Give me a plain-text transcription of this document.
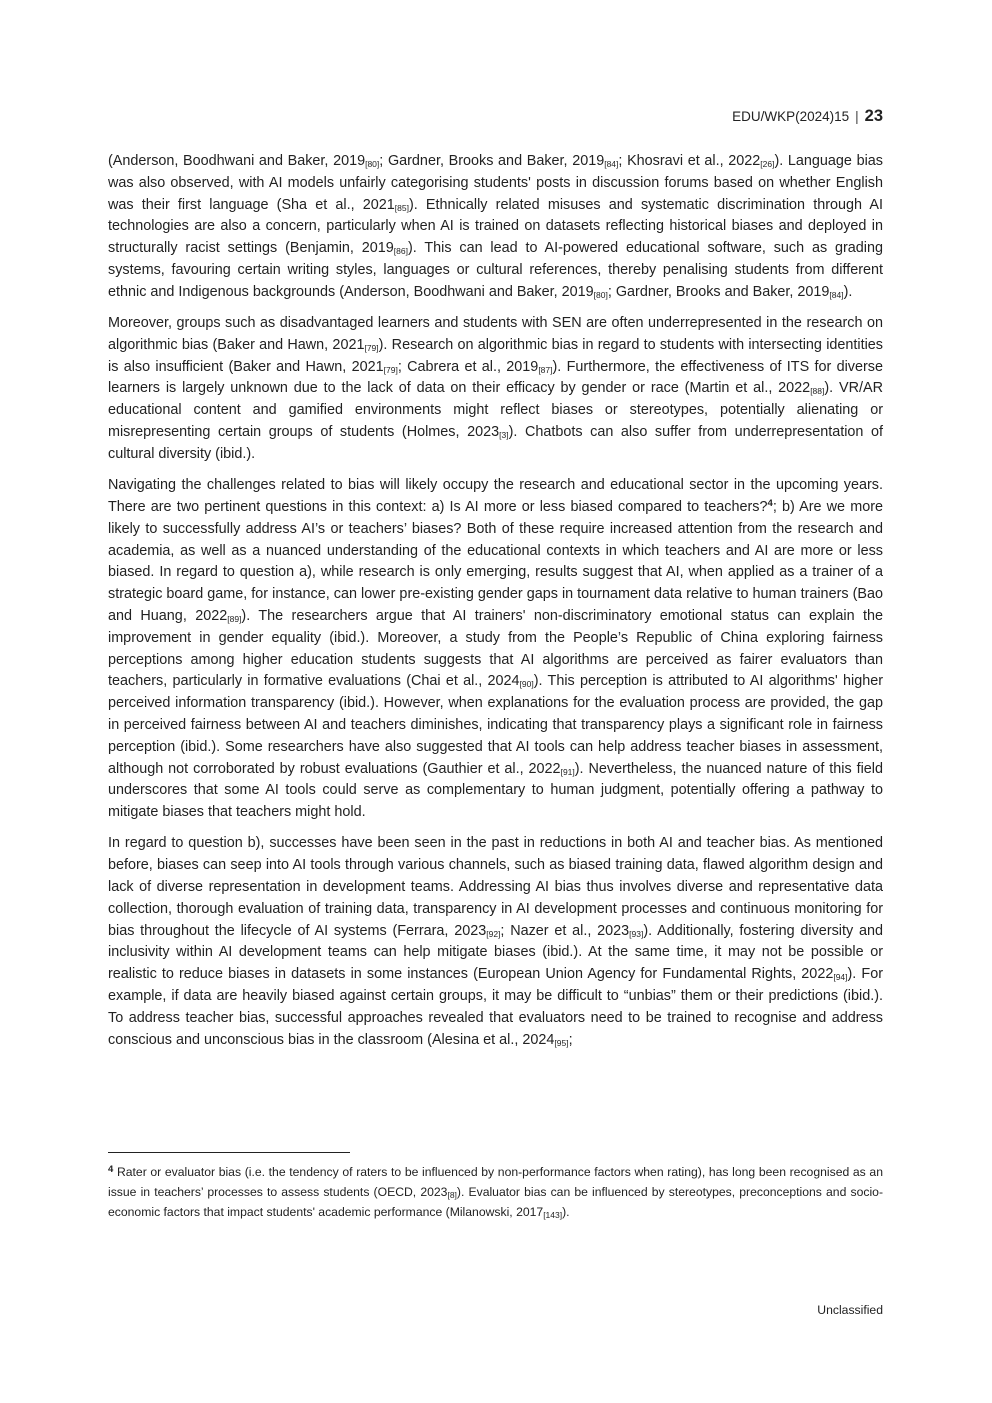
EDU/WKP(2024)15 | 23

(Anderson, Boodhwani and Baker, $2019_{[80]}$; Gardner, Brooks and Baker, $2019_{[84]}$; Khosravi et al., $2022_{[26]}$). Language bias was also observed, with AI models unfairly categorising students' posts in discussion forums based on whether English was their first language (Sha et al., $2021_{[85]}$). Ethnically related misuses and systematic discrimination through AI technologies are also a concern, particularly when AI is trained on datasets reflecting historical biases and deployed in structurally racist settings (Benjamin, $2019_{[86]}$). This can lead to AI-powered educational software, such as grading systems, favouring certain writing styles, languages or cultural references, thereby penalising students from different ethnic and Indigenous backgrounds (Anderson, Boodhwani and Baker, $2019_{[80]}$; Gardner, Brooks and Baker, $2019_{[84]}$).

Moreover, groups such as disadvantaged learners and students with SEN are often underrepresented in the research on algorithmic bias (Baker and Hawn, $2021_{[79]}$). Research on algorithmic bias in regard to students with intersecting identities is also insufficient (Baker and Hawn, $2021_{[79]}$; Cabrera et al., $2019_{[87]}$). Furthermore, the effectiveness of ITS for diverse learners is largely unknown due to the lack of data on their efficacy by gender or race (Martin et al., $2022_{[88]}$). VR/AR educational content and gamified environments might reflect biases or stereotypes, potentially alienating or misrepresenting certain groups of students (Holmes, $2023_{[3]}$). Chatbots can also suffer from underrepresentation of cultural diversity (ibid.).

Navigating the challenges related to bias will likely occupy the research and educational sector in the upcoming years. There are two pertinent questions in this context: a) Is AI more or less biased compared to teachers?$^4$; b) Are we more likely to successfully address AI’s or teachers’ biases? Both of these require increased attention from the research and academia, as well as a nuanced understanding of the educational contexts in which teachers and AI are more or less biased. In regard to question a), while research is only emerging, results suggest that AI, when applied as a trainer of a strategic board game, for instance, can lower pre-existing gender gaps in tournament data relative to human trainers (Bao and Huang, $2022_{[89]}$). The researchers argue that AI trainers' non-discriminatory emotional status can explain the improvement in gender equality (ibid.). Moreover, a study from the People’s Republic of China exploring fairness perceptions among higher education students suggests that AI algorithms are perceived as fairer evaluators than teachers, particularly in formative evaluations (Chai et al., $2024_{[90]}$). This perception is attributed to AI algorithms' higher perceived information transparency (ibid.). However, when explanations for the evaluation process are provided, the gap in perceived fairness between AI and teachers diminishes, indicating that transparency plays a significant role in fairness perception (ibid.). Some researchers have also suggested that AI tools can help address teacher biases in assessment, although not corroborated by robust evaluations (Gauthier et al., $2022_{[91]}$). Nevertheless, the nuanced nature of this field underscores that some AI tools could serve as complementary to human judgment, potentially offering a pathway to mitigate biases that teachers might hold.

In regard to question b), successes have been seen in the past in reductions in both AI and teacher bias. As mentioned before, biases can seep into AI tools through various channels, such as biased training data, flawed algorithm design and lack of diverse representation in development teams. Addressing AI bias thus involves diverse and representative data collection, thorough evaluation of training data, transparency in AI development processes and continuous monitoring for bias throughout the lifecycle of AI systems (Ferrara, $2023_{[92]}$; Nazer et al., $2023_{[93]}$). Additionally, fostering diversity and inclusivity within AI development teams can help mitigate biases (ibid.). At the same time, it may not be possible or realistic to reduce biases in datasets in some instances (European Union Agency for Fundamental Rights, $2022_{[94]}$). For example, if data are heavily biased against certain groups, it may be difficult to “unbias” them or their predictions (ibid.). To address teacher bias, successful approaches revealed that evaluators need to be trained to recognise and address conscious and unconscious bias in the classroom (Alesina et al., $2024_{[95]}$;

$^4$ Rater or evaluator bias (i.e. the tendency of raters to be influenced by non-performance factors when rating), has long been recognised as an issue in teachers’ processes to assess students (OECD, $2023_{[8]}$). Evaluator bias can be influenced by stereotypes, preconceptions and socio-economic factors that impact students' academic performance (Milanowski, $2017_{[143]}$).

Unclassified
